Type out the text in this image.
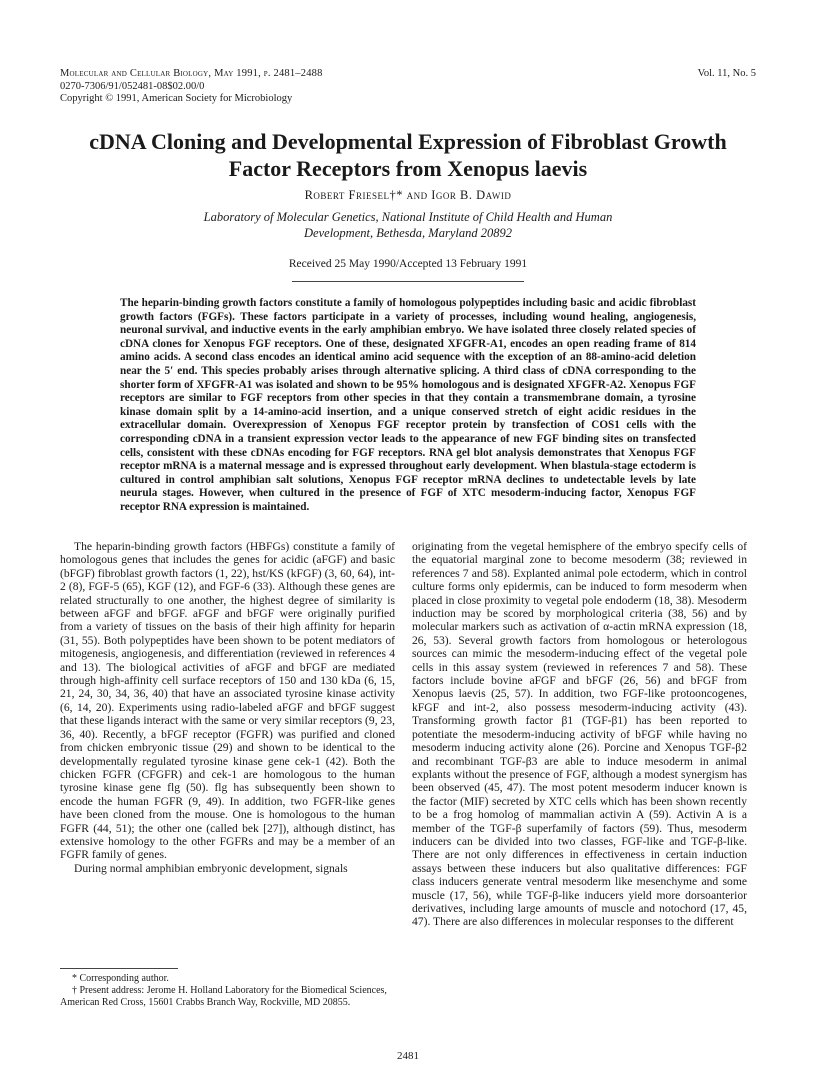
Molecular and Cellular Biology, May 1991, p. 2481–2488
0270-7306/91/052481-08$02.00/0
Copyright © 1991, American Society for Microbiology
Vol. 11, No. 5
cDNA Cloning and Developmental Expression of Fibroblast Growth Factor Receptors from Xenopus laevis
Robert Friesel†* and Igor B. Dawid
Laboratory of Molecular Genetics, National Institute of Child Health and Human Development, Bethesda, Maryland 20892
Received 25 May 1990/Accepted 13 February 1991
The heparin-binding growth factors constitute a family of homologous polypeptides including basic and acidic fibroblast growth factors (FGFs). These factors participate in a variety of processes, including wound healing, angiogenesis, neuronal survival, and inductive events in the early amphibian embryo. We have isolated three closely related species of cDNA clones for Xenopus FGF receptors. One of these, designated XFGFR-A1, encodes an open reading frame of 814 amino acids. A second class encodes an identical amino acid sequence with the exception of an 88-amino-acid deletion near the 5′ end. This species probably arises through alternative splicing. A third class of cDNA corresponding to the shorter form of XFGFR-A1 was isolated and shown to be 95% homologous and is designated XFGFR-A2. Xenopus FGF receptors are similar to FGF receptors from other species in that they contain a transmembrane domain, a tyrosine kinase domain split by a 14-amino-acid insertion, and a unique conserved stretch of eight acidic residues in the extracellular domain. Overexpression of Xenopus FGF receptor protein by transfection of COS1 cells with the corresponding cDNA in a transient expression vector leads to the appearance of new FGF binding sites on transfected cells, consistent with these cDNAs encoding for FGF receptors. RNA gel blot analysis demonstrates that Xenopus FGF receptor mRNA is a maternal message and is expressed throughout early development. When blastula-stage ectoderm is cultured in control amphibian salt solutions, Xenopus FGF receptor mRNA declines to undetectable levels by late neurula stages. However, when cultured in the presence of FGF of XTC mesoderm-inducing factor, Xenopus FGF receptor RNA expression is maintained.

The heparin-binding growth factors (HBFGs) constitute a family of homologous genes that includes the genes for acidic (aFGF) and basic (bFGF) fibroblast growth factors (1, 22), hst/KS (kFGF) (3, 60, 64), int-2 (8), FGF-5 (65), KGF (12), and FGF-6 (33). Although these genes are related structurally to one another, the highest degree of similarity is between aFGF and bFGF. aFGF and bFGF were originally purified from a variety of tissues on the basis of their high affinity for heparin (31, 55). Both polypeptides have been shown to be potent mediators of mitogenesis, angiogenesis, and differentiation (reviewed in references 4 and 13). The biological activities of aFGF and bFGF are mediated through high-affinity cell surface receptors of 150 and 130 kDa (6, 15, 21, 24, 30, 34, 36, 40) that have an associated tyrosine kinase activity (6, 14, 20). Experiments using radio-labeled aFGF and bFGF suggest that these ligands interact with the same or very similar receptors (9, 23, 36, 40). Recently, a bFGF receptor (FGFR) was purified and cloned from chicken embryonic tissue (29) and shown to be identical to the developmentally regulated tyrosine kinase gene cek-1 (42). Both the chicken FGFR (CFGFR) and cek-1 are homologous to the human tyrosine kinase gene flg (50). flg has subsequently been shown to encode the human FGFR (9, 49). In addition, two FGFR-like genes have been cloned from the mouse. One is homologous to the human FGFR (44, 51); the other one (called bek [27]), although distinct, has extensive homology to the other FGFRs and may be a member of an FGFR family of genes.

During normal amphibian embryonic development, signals

originating from the vegetal hemisphere of the embryo specify cells of the equatorial marginal zone to become mesoderm (38; reviewed in references 7 and 58). Explanted animal pole ectoderm, which in control culture forms only epidermis, can be induced to form mesoderm when placed in close proximity to vegetal pole endoderm (18, 38). Mesoderm induction may be scored by morphological criteria (38, 56) and by molecular markers such as activation of α-actin mRNA expression (18, 26, 53). Several growth factors from homologous or heterologous sources can mimic the mesoderm-inducing effect of the vegetal pole cells in this assay system (reviewed in references 7 and 58). These factors include bovine aFGF and bFGF (26, 56) and bFGF from Xenopus laevis (25, 57). In addition, two FGF-like protooncogenes, kFGF and int-2, also possess mesoderm-inducing activity (43). Transforming growth factor β1 (TGF-β1) has been reported to potentiate the mesoderm-inducing activity of bFGF while having no mesoderm inducing activity alone (26). Porcine and Xenopus TGF-β2 and recombinant TGF-β3 are able to induce mesoderm in animal explants without the presence of FGF, although a modest synergism has been observed (45, 47). The most potent mesoderm inducer known is the factor (MIF) secreted by XTC cells which has been shown recently to be a frog homolog of mammalian activin A (59). Activin A is a member of the TGF-β superfamily of factors (59). Thus, mesoderm inducers can be divided into two classes, FGF-like and TGF-β-like. There are not only differences in effectiveness in certain induction assays between these inducers but also qualitative differences: FGF class inducers generate ventral mesoderm like mesenchyme and some muscle (17, 56), while TGF-β-like inducers yield more dorsoanterior derivatives, including large amounts of muscle and notochord (17, 45, 47). There are also differences in molecular responses to the different

* Corresponding author.

† Present address: Jerome H. Holland Laboratory for the Biomedical Sciences, American Red Cross, 15601 Crabbs Branch Way, Rockville, MD 20855.

2481
